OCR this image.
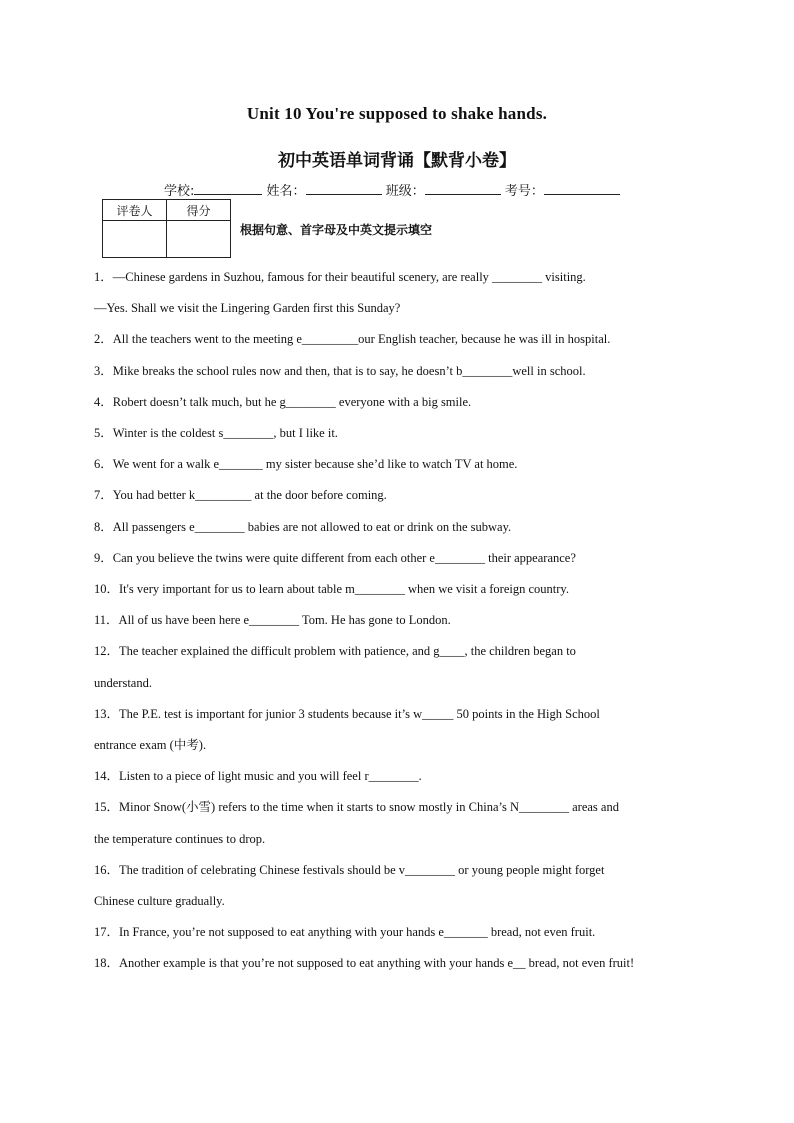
Unit 10 You're supposed to shake hands.
初中英语单词背诵【默背小卷】
学校:	姓名：	班级：	考号：
评卷人	得分

根据句意、首字母及中英文提示填空

1．—Chinese gardens in Suzhou, famous for their beautiful scenery, are really ________ visiting.

—Yes. Shall we visit the Lingering Garden first this Sunday?

2．All the teachers went to the meeting e_________our English teacher, because he was ill in hospital.

3．Mike breaks the school rules now and then, that is to say, he doesn’t b________well in school.

4．Robert doesn’t talk much, but he g________ everyone with a big smile.

5．Winter is the coldest s________, but I like it.

6．We went for a walk e_______ my sister because she’d like to watch TV at home.

7．You had better k_________ at the door before coming.

8．All passengers e________ babies are not allowed to eat or drink on the subway.

9．Can you believe the twins were quite different from each other e________ their appearance?

10．It's very important for us to learn about table m________ when we visit a foreign country.

11．All of us have been here e________ Tom. He has gone to London.

12．The teacher explained the difficult problem with patience, and g____, the children began to

understand.

13．The P.E. test is important for junior 3 students because it’s w_____ 50 points in the High School

entrance exam (中考).

14．Listen to a piece of light music and you will feel r________.

15．Minor Snow(小雪) refers to the time when it starts to snow mostly in China’s N________ areas and

the temperature continues to drop.

16．The tradition of celebrating Chinese festivals should be v________ or young people might forget

Chinese culture gradually.

17．In France, you’re not supposed to eat anything with your hands e_______ bread, not even fruit.

18．Another example is that you’re not supposed to eat anything with your hands e__ bread, not even fruit!
